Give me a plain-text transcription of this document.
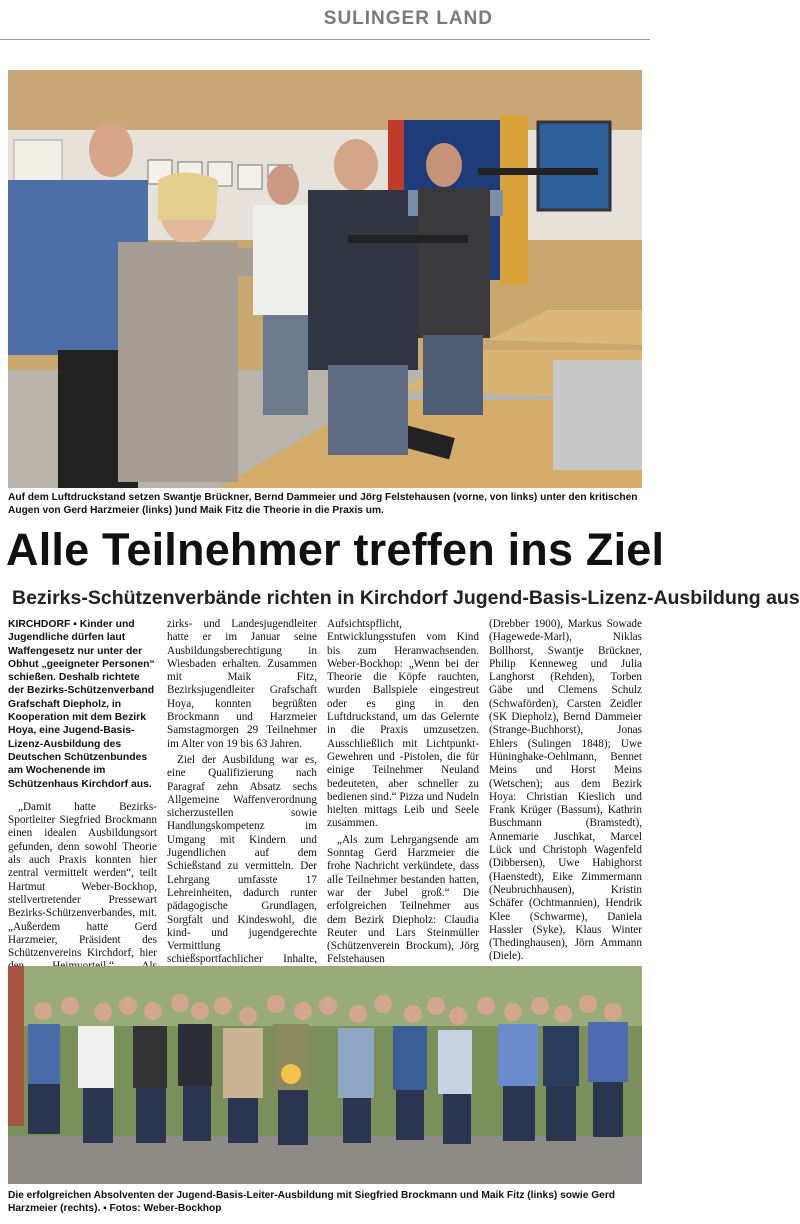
SULINGER LAND
Auf dem Luftdruckstand setzen Swantje Brückner, Bernd Dammeier und Jörg Felstehausen (vorne, von links) unter den kritischen Augen von Gerd Harzmeier (links) )und Maik Fitz die Theorie in die Praxis um.
Alle Teilnehmer treffen ins Ziel
Bezirks-Schützenverbände richten in Kirchdorf Jugend-Basis-Lizenz-Ausbildung aus
KIRCHDORF ▪ Kinder und Jugendliche dürfen laut Waffengesetz nur unter der Obhut „geeigneter Personen“ schießen. Deshalb richtete der Bezirks-Schützenverband Grafschaft Diepholz, in Kooperation mit dem Bezirk Hoya, eine Jugend-Basis-Lizenz-Ausbildung des Deutschen Schützenbundes am Wochenende im Schützenhaus Kirchdorf aus.

„Damit hatte Bezirks-Sportleiter Siegfried Brockmann einen idealen Ausbildungsort gefunden, denn sowohl Theorie als auch Praxis konnten hier zentral vermittelt werden“, teilt Hartmut Weber-Bockhop, stellvertretender Pressewart Bezirks-Schützenverbandes, mit. „Außerdem hatte Gerd Harzmeier, Präsident des Schützenvereins Kirchdorf, hier

zirks- und Landesjugendleiter hatte er im Januar seine Ausbildungsberechtigung in Wiesbaden erhalten. Zusammen mit Maik Fitz, Bezirksjugendleiter Grafschaft Hoya, konnten begrüßten Brockmann und Harzmeier Samstagmorgen 29 Teilnehmer im Alter von 19 bis 63 Jahren.

Ziel der Ausbildung war es, eine Qualifizierung nach Paragraf zehn Absatz sechs Allgemeine Waffenverordnung sicherzustellen sowie Handlungskompetenz im Umgang mit Kindern und Jugendlichen auf dem Schießstand zu vermitteln. Der Lehrgang umfasste 17 Lehreinheiten, dadurch runter pädagogische Grundlagen, Sorgfalt und Kindeswohl, die kind- und jugendgerechte Vermittlung schießsportfachlicher Inhalte,

Aufsichtspflicht, Entwicklungsstufen vom Kind bis zum Heranwachsenden. Weber-Bockhop: „Wenn bei der Theorie die Köpfe rauchten, wurden Ballspiele eingestreut oder es ging in den Luftdruckstand, um das Gelernte in die Praxis umzusetzen. Ausschließlich mit Lichtpunkt-Gewehren und -Pistolen, die für einige Teilnehmer Neuland bedeuteten, aber schneller zu bedienen sind.“ Pizza und Nudeln hielten mittags Leib und Seele zusammen.

„Als zum Lehrgangsende am Sonntag Gerd Harzmeier die frohe Nachricht verkündete, dass alle Teilnehmer bestanden hatten, war der Jubel groß.“ Die erfolgreichen Teilnehmer aus dem Bezirk Diepholz: Claudia Reuter und Lars Steinmüller (Schützenverein Brockum), Jörg Felstehausen

(Drebber 1900), Markus Sowade (Hagewede-Marl), Niklas Bollhorst, Swantje Brückner, Philip Kenneweg und Julia Langhorst (Rehden), Torben Gäbe und Clemens Schulz (Schwaförden), Carsten Zeidler (SK Diepholz), Bernd Dammeier (Strange-Buchhorst), Jonas Ehlers (Sulingen 1848); Uwe Hüninghake-Oehlmann, Bennet Meins und Horst Meins (Wetschen); aus dem Bezirk Hoya: Christian Kieslich und Frank Krüger (Bassum), Kathrin Buschmann (Bramstedt), Annemarie Juschkat, Marcel Lück und Christoph Wagenfeld (Dibbersen), Uwe Habighorst (Haenstedt), Eike Zimmermann (Neubruchhausen), Kristin Schäfer (Ochtmannien), Hendrik Klee (Schwarme), Daniela Hassler (Syke), Klaus Winter (Thedinghausen), Jörn Ammann (Diele).

Die erfolgreichen Absolventen der Jugend-Basis-Leiter-Ausbildung mit Siegfried Brockmann und Maik Fitz (links) sowie Gerd Harzmeier (rechts). ▪ Fotos: Weber-Bockhop
